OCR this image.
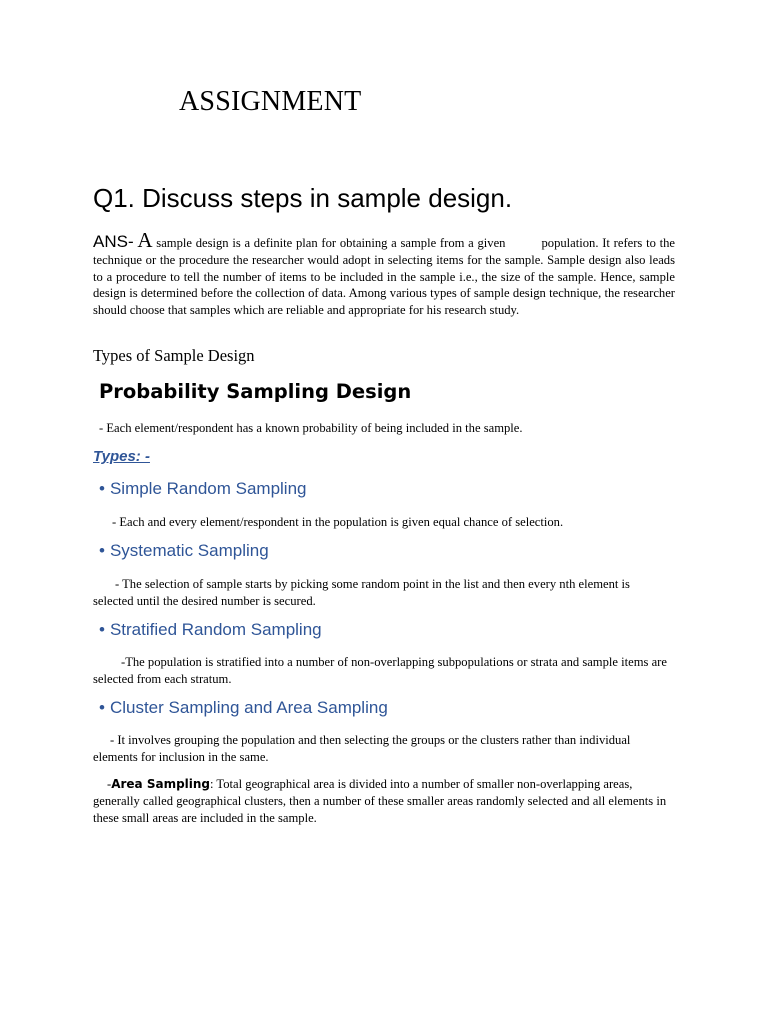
ASSIGNMENT
Q1. Discuss steps in sample design.
ANS- A sample design is a definite plan for obtaining a sample from a given	population. It refers to the technique or the procedure the researcher would adopt in selecting items for the sample. Sample design also leads to a procedure to tell the number of items to be included in the sample i.e., the size of the sample. Hence, sample design is determined before the collection of data. Among various types of sample design technique, the researcher should choose that samples which are reliable and appropriate for his research study.
Types of Sample Design
Probability Sampling Design
- Each element/respondent has a known probability of being included in the sample.
Types: -
• Simple Random Sampling
- Each and every element/respondent in the population is given equal chance of selection.
• Systematic Sampling
- The selection of sample starts by picking some random point in the list and then every nth element is selected until the desired number is secured.
• Stratified Random Sampling
-The population is stratified into a number of non-overlapping subpopulations or strata and sample items are selected from each stratum.
• Cluster Sampling and Area Sampling
- It involves grouping the population and then selecting the groups or the clusters rather than individual elements for inclusion in the same.
-Area Sampling: Total geographical area is divided into a number of smaller non-overlapping areas, generally called geographical clusters, then a number of these smaller areas randomly selected and all elements in these small areas are included in the sample.
